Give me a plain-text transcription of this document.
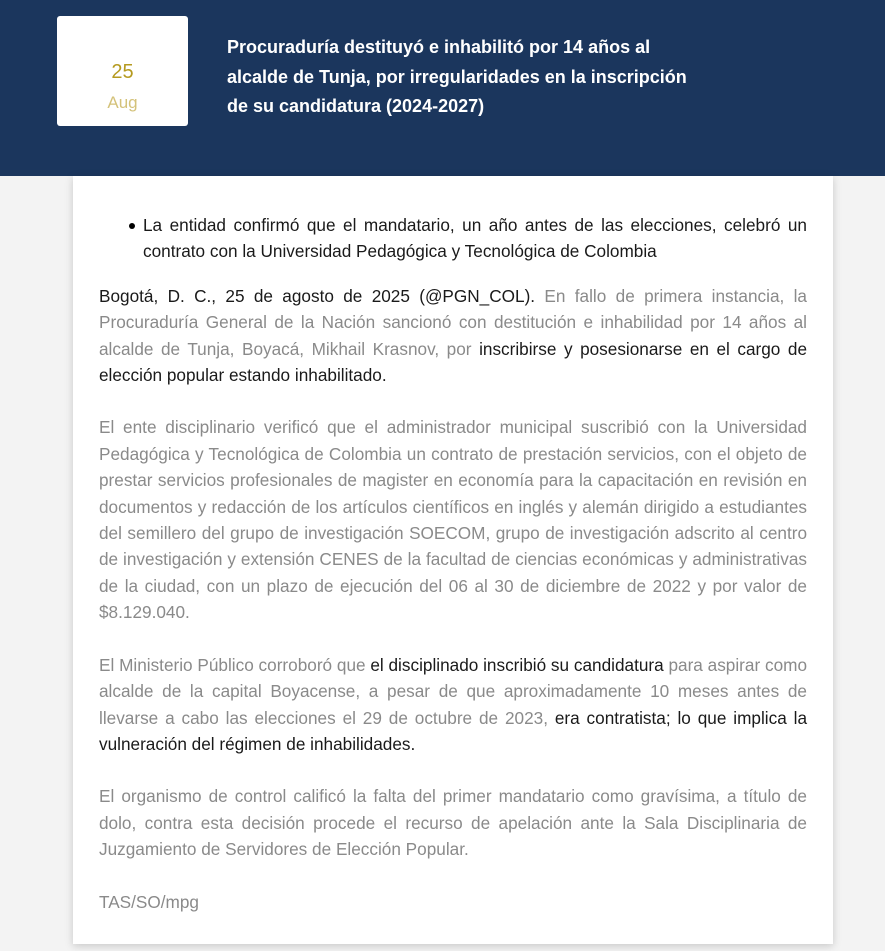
25
Aug
Procuraduría destituyó e inhabilitó por 14 años al alcalde de Tunja, por irregularidades en la inscripción de su candidatura (2024-2027)
La entidad confirmó que el mandatario, un año antes de las elecciones, celebró un contrato con la Universidad Pedagógica y Tecnológica de Colombia

Bogotá, D. C., 25 de agosto de 2025 (@PGN_COL). En fallo de primera instancia, la Procuraduría General de la Nación sancionó con destitución e inhabilidad por 14 años al alcalde de Tunja, Boyacá, Mikhail Krasnov, por inscribirse y posesionarse en el cargo de elección popular estando inhabilitado.

El ente disciplinario verificó que el administrador municipal suscribió con la Universidad Pedagógica y Tecnológica de Colombia un contrato de prestación servicios, con el objeto de prestar servicios profesionales de magister en economía para la capacitación en revisión en documentos y redacción de los artículos científicos en inglés y alemán dirigido a estudiantes del semillero del grupo de investigación SOECOM, grupo de investigación adscrito al centro de investigación y extensión CENES de la facultad de ciencias económicas y administrativas de la ciudad, con un plazo de ejecución del 06 al 30 de diciembre de 2022 y por valor de $8.129.040.

El Ministerio Público corroboró que el disciplinado inscribió su candidatura para aspirar como alcalde de la capital Boyacense, a pesar de que aproximadamente 10 meses antes de llevarse a cabo las elecciones el 29 de octubre de 2023, era contratista; lo que implica la vulneración del régimen de inhabilidades.

El organismo de control calificó la falta del primer mandatario como gravísima, a título de dolo, contra esta decisión procede el recurso de apelación ante la Sala Disciplinaria de Juzgamiento de Servidores de Elección Popular.

TAS/SO/mpg
